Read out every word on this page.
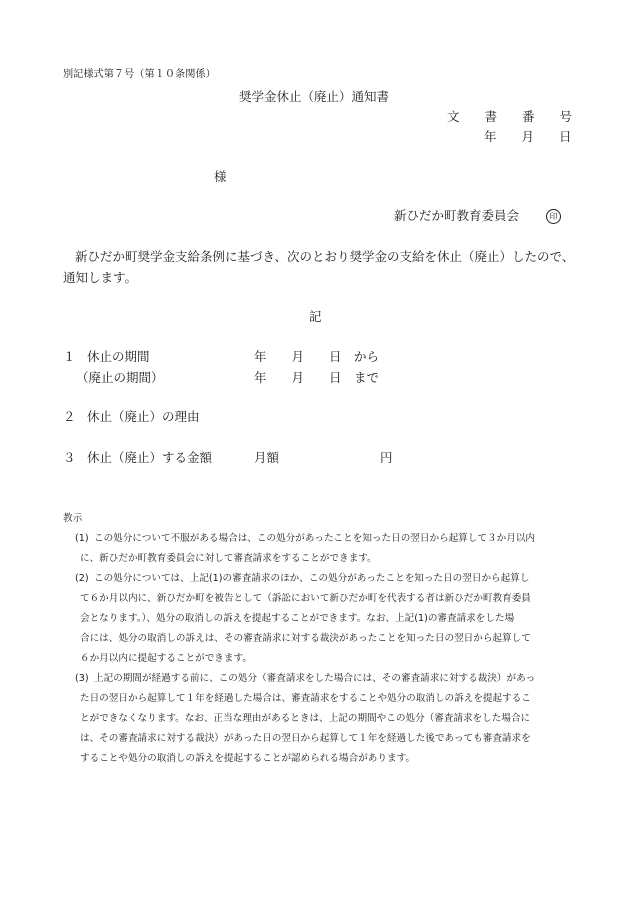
別記様式第７号（第１０条関係）
奨学金休止（廃止）通知書
文　　書　　番　　号
年　　月　　日
様
新ひだか町教育委員会	印
新ひだか町奨学金支給条例に基づき、次のとおり奨学金の支給を休止（廃止）したので、
通知します。
記
１ 休止の期間	年　　月　　日　から
（廃止の期間）	年　　月　　日　まで
２ 休止（廃止）の理由
３ 休止（廃止）する金額	月額	円
教示
(1) この処分について不服がある場合は、この処分があったことを知った日の翌日から起算して３か月以内
に、新ひだか町教育委員会に対して審査請求をすることができます。
(2) この処分については、上記(1)の審査請求のほか、この処分があったことを知った日の翌日から起算し
て６か月以内に、新ひだか町を被告として（訴訟において新ひだか町を代表する者は新ひだか町教育委員
会となります。）、処分の取消しの訴えを提起することができます。なお、上記(1)の審査請求をした場
合には、処分の取消しの訴えは、その審査請求に対する裁決があったことを知った日の翌日から起算して
６か月以内に提起することができます。
(3) 上記の期間が経過する前に、この処分（審査請求をした場合には、その審査請求に対する裁決）があっ
た日の翌日から起算して１年を経過した場合は、審査請求をすることや処分の取消しの訴えを提起するこ
とができなくなります。なお、正当な理由があるときは、上記の期間やこの処分（審査請求をした場合に
は、その審査請求に対する裁決）があった日の翌日から起算して１年を経過した後であっても審査請求を
することや処分の取消しの訴えを提起することが認められる場合があります。
